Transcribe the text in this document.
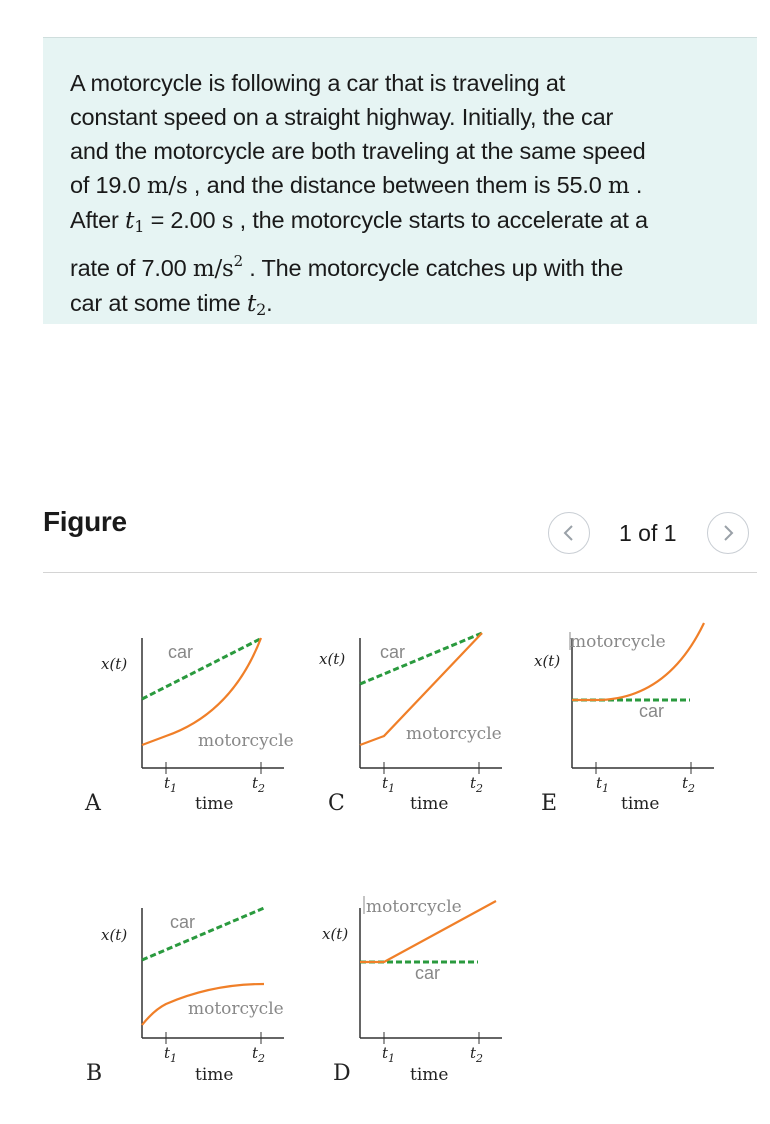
A motorcycle is following a car that is traveling at
constant speed on a straight highway. Initially, the car
and the motorcycle are both traveling at the same speed
of 19.0 m/s , and the distance between them is 55.0 m .
After $t_1 = 2.00$ s , the motorcycle starts to accelerate at a
rate of 7.00 $m/s^2$ . The motorcycle catches up with the
car at some time $t_2$.

Figure	1 of 1
x(t)
car
motorcycle
$t_1$	$t_2$
time
A
x(t) car
motorcycle
$t_1$	$t_2$
time
C
x(t)
car
motorcycle
$t_1$	$t_2$
time
E
x(t)
car
motorcycle
$t_1$	$t_2$
time
B
x(t)
car
motorcycle
$t_1$	$t_2$
time
D
